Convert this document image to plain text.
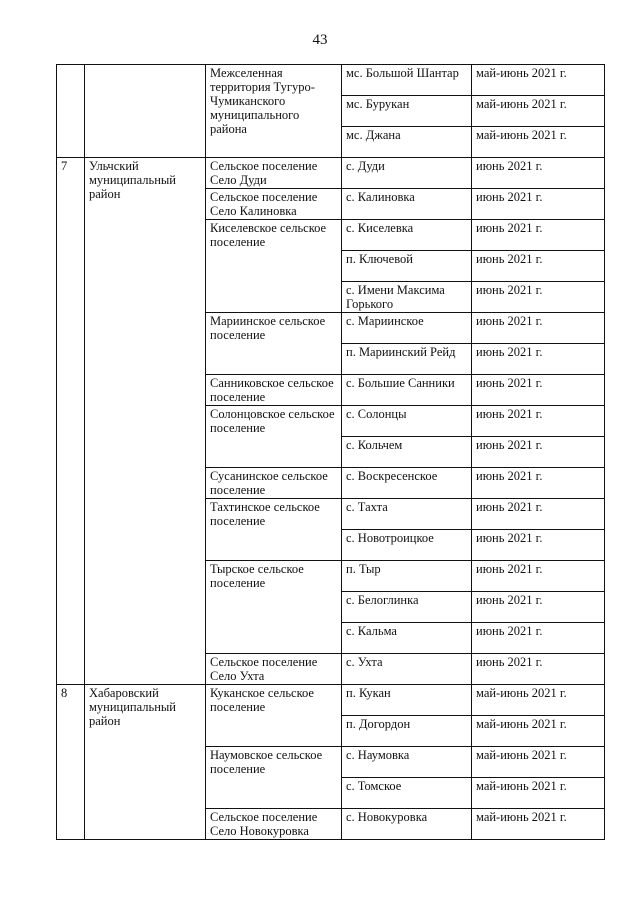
43
		Межселенная территория Тугуро-Чумиканского муниципального района	мс. Большой Шантар	май-июнь 2021 г.
			мс. Бурукан	май-июнь 2021 г.
			мс. Джана	май-июнь 2021 г.
7	Ульчский муниципальный район	Сельское поселение Село Дуди	с. Дуди	июнь 2021 г.
		Сельское поселение Село Калиновка	с. Калиновка	июнь 2021 г.
		Киселевское сельское поселение	с. Киселевка	июнь 2021 г.
			п. Ключевой	июнь 2021 г.
			с. Имени Максима Горького	июнь 2021 г.
		Мариинское сельское поселение	с. Мариинское	июнь 2021 г.
			п. Мариинский Рейд	июнь 2021 г.
		Санниковское сельское поселение	с. Большие Санники	июнь 2021 г.
		Солонцовское сельское поселение	с. Солонцы	июнь 2021 г.
			с. Кольчем	июнь 2021 г.
		Сусанинское сельское поселение	с. Воскресенское	июнь 2021 г.
		Тахтинское сельское поселение	с. Тахта	июнь 2021 г.
			с. Новотроицкое	июнь 2021 г.
		Тырское сельское поселение	п. Тыр	июнь 2021 г.
			с. Белоглинка	июнь 2021 г.
			с. Кальма	июнь 2021 г.
		Сельское поселение Село Ухта	с. Ухта	июнь 2021 г.
8	Хабаровский муниципальный район	Куканское сельское поселение	п. Кукан	май-июнь 2021 г.
			п. Догордон	май-июнь 2021 г.
		Наумовское сельское поселение	с. Наумовка	май-июнь 2021 г.
			с. Томское	май-июнь 2021 г.
		Сельское поселение Село Новокуровка	с. Новокуровка	май-июнь 2021 г.
